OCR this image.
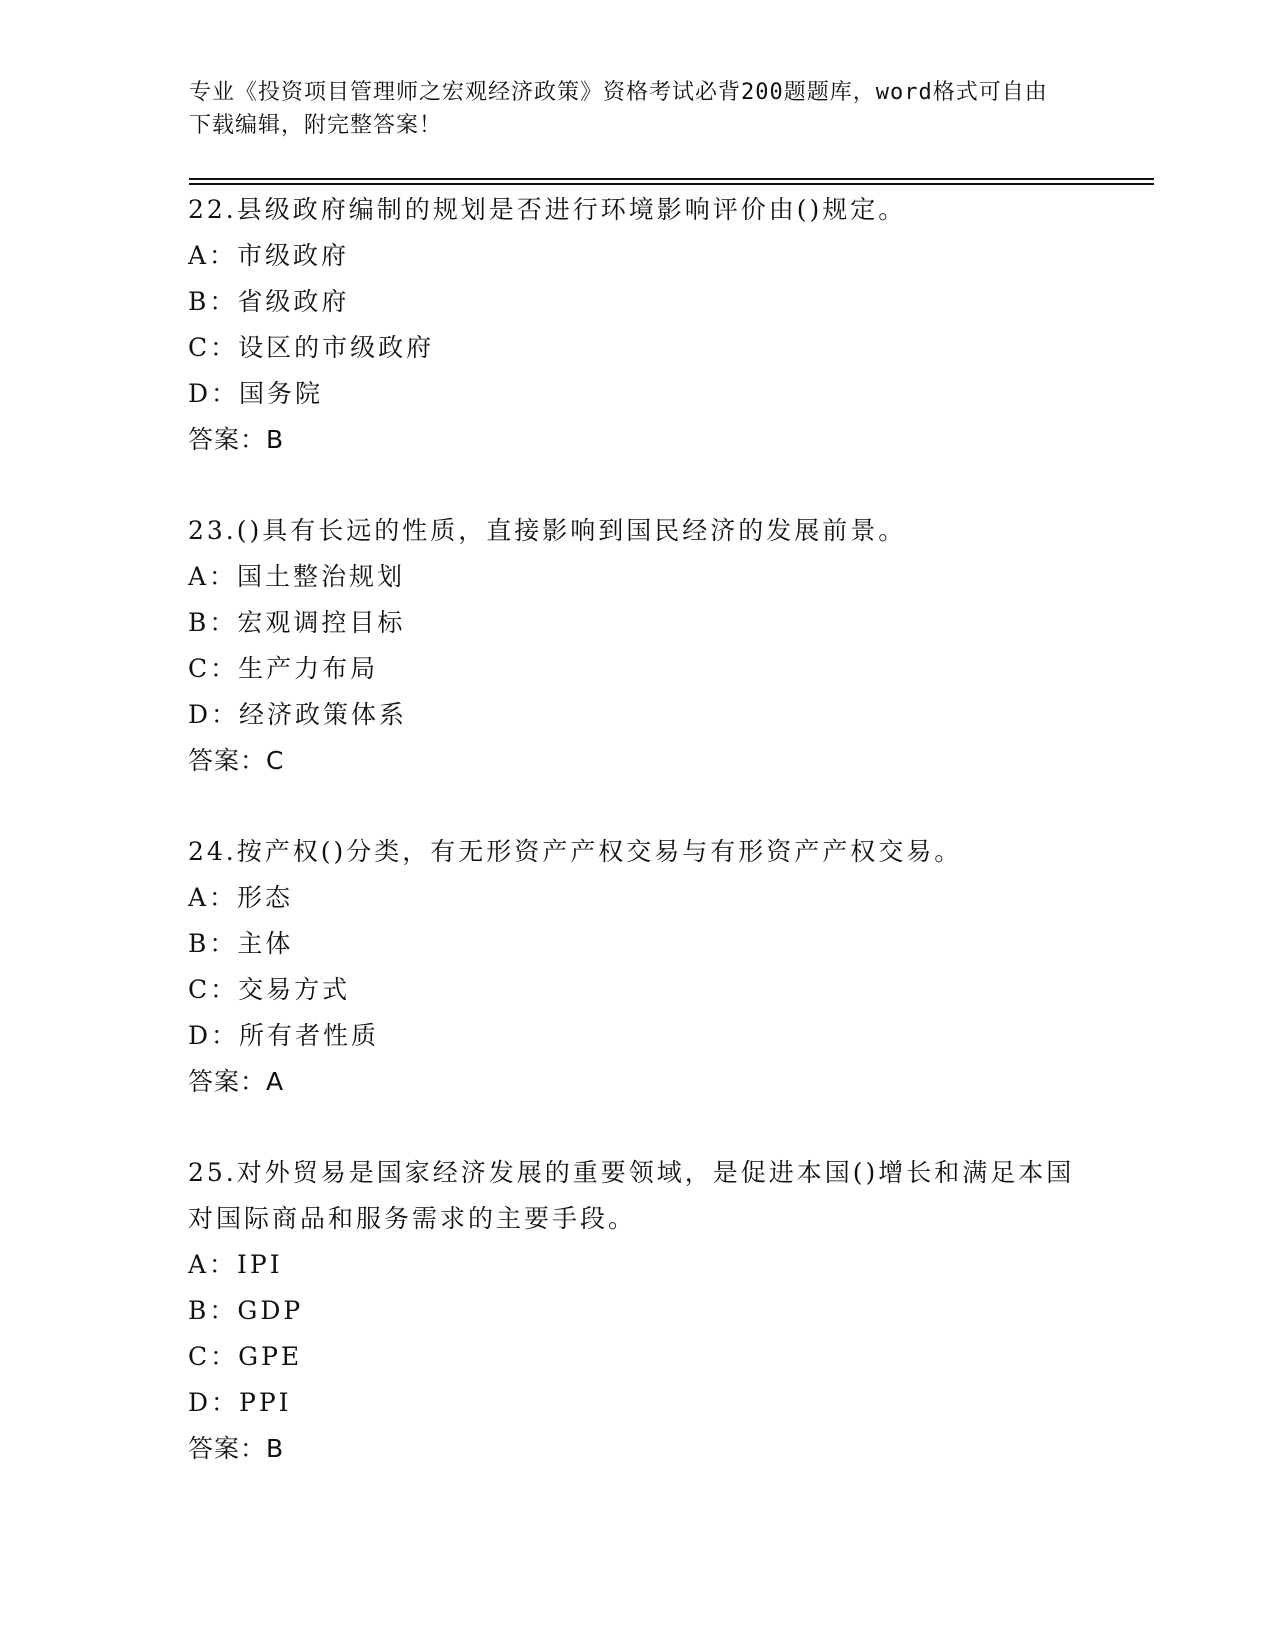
专业《投资项目管理师之宏观经济政策》资格考试必背200题题库，word格式可自由下载编辑，附完整答案！
22.县级政府编制的规划是否进行环境影响评价由()规定。
A：市级政府
B：省级政府
C：设区的市级政府
D：国务院
答案：B
23.()具有长远的性质，直接影响到国民经济的发展前景。
A：国土整治规划
B：宏观调控目标
C：生产力布局
D：经济政策体系
答案：C
24.按产权()分类，有无形资产产权交易与有形资产产权交易。
A：形态
B：主体
C：交易方式
D：所有者性质
答案：A
25.对外贸易是国家经济发展的重要领域，是促进本国()增长和满足本国对国际商品和服务需求的主要手段。
A：IPI
B：GDP
C：GPE
D：PPI
答案：B
